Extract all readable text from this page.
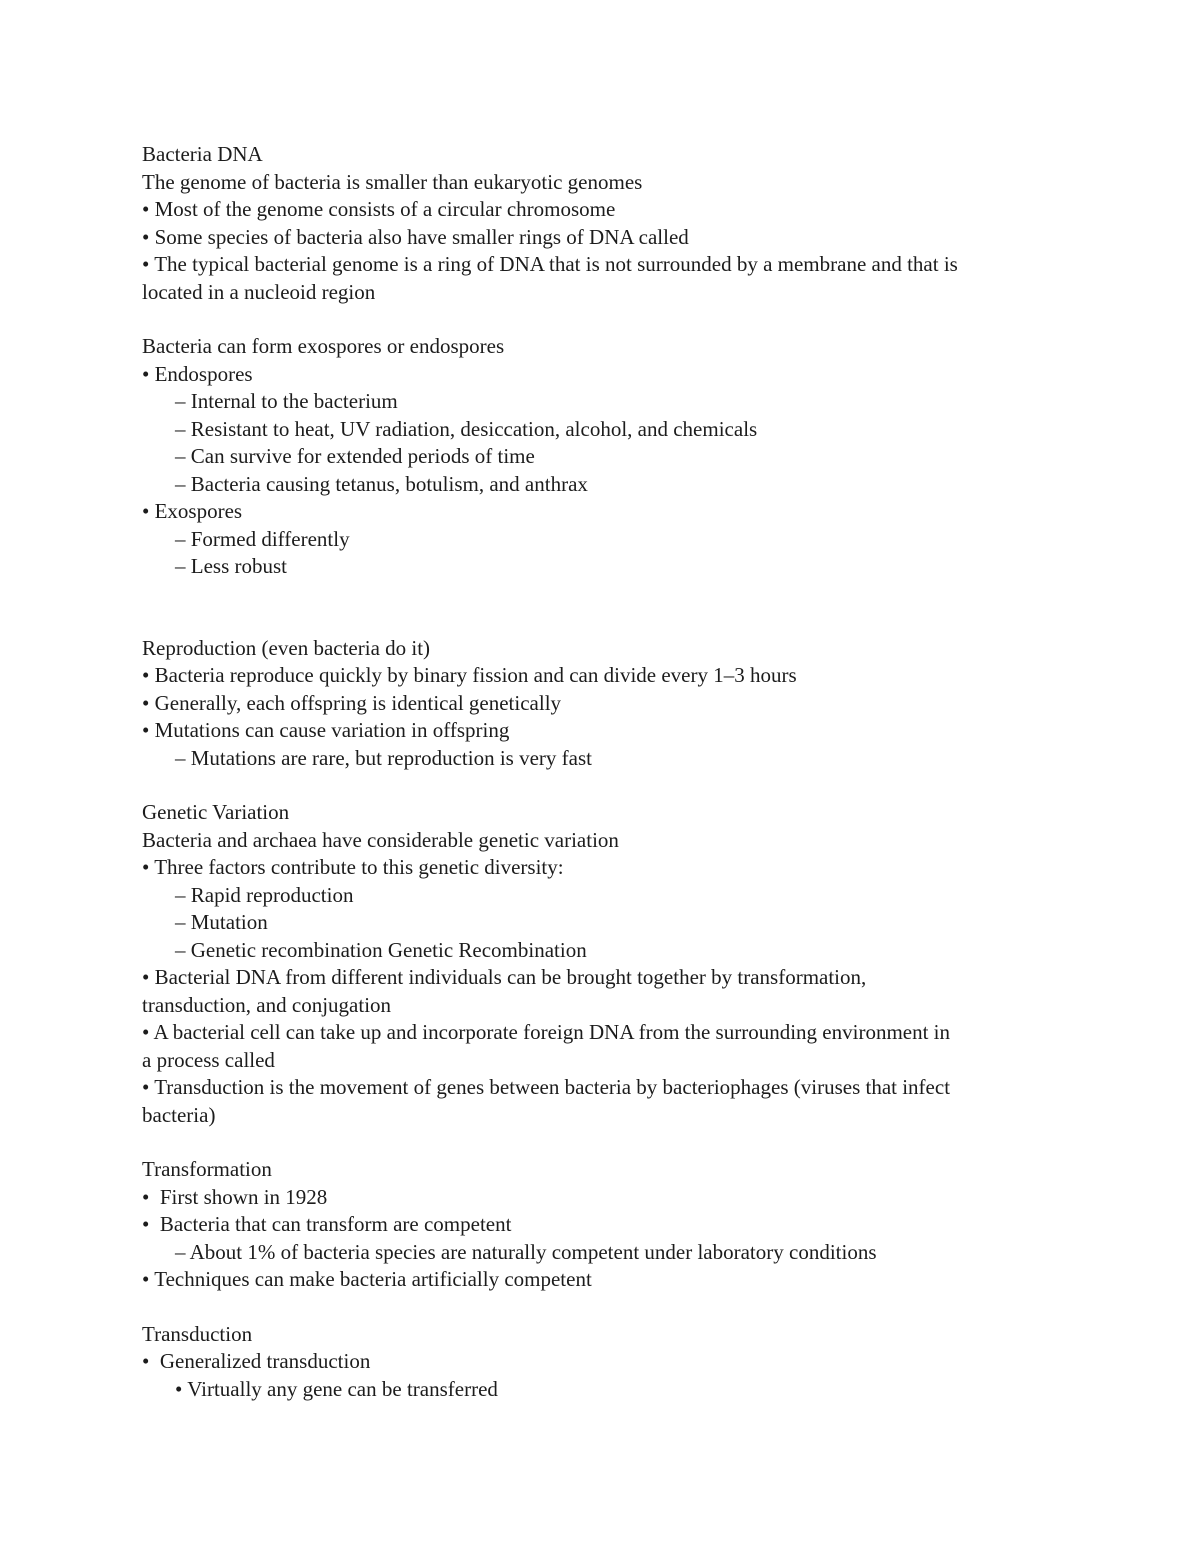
Bacteria DNA

The genome of bacteria is smaller than eukaryotic genomes

• Most of the genome consists of a circular chromosome

• Some species of bacteria also have smaller rings of DNA called

• The typical bacterial genome is a ring of DNA that is not surrounded by a membrane and that is

located in a nucleoid region

Bacteria can form exospores or endospores

• Endospores

– Internal to the bacterium

– Resistant to heat, UV radiation, desiccation, alcohol, and chemicals

– Can survive for extended periods of time

– Bacteria causing tetanus, botulism, and anthrax

• Exospores

– Formed differently

– Less robust

Reproduction (even bacteria do it)

• Bacteria reproduce quickly by binary fission and can divide every 1–3 hours

• Generally, each offspring is identical genetically

• Mutations can cause variation in offspring

– Mutations are rare, but reproduction is very fast

Genetic Variation

Bacteria and archaea have considerable genetic variation

• Three factors contribute to this genetic diversity:

– Rapid reproduction

– Mutation

– Genetic recombination Genetic Recombination

• Bacterial DNA from different individuals can be brought together by transformation,

transduction, and conjugation

• A bacterial cell can take up and incorporate foreign DNA from the surrounding environment in

a process called

• Transduction is the movement of genes between bacteria by bacteriophages (viruses that infect

bacteria)

Transformation

•  First shown in 1928

•  Bacteria that can transform are competent

– About 1% of bacteria species are naturally competent under laboratory conditions

• Techniques can make bacteria artificially competent

Transduction

•  Generalized transduction

• Virtually any gene can be transferred
